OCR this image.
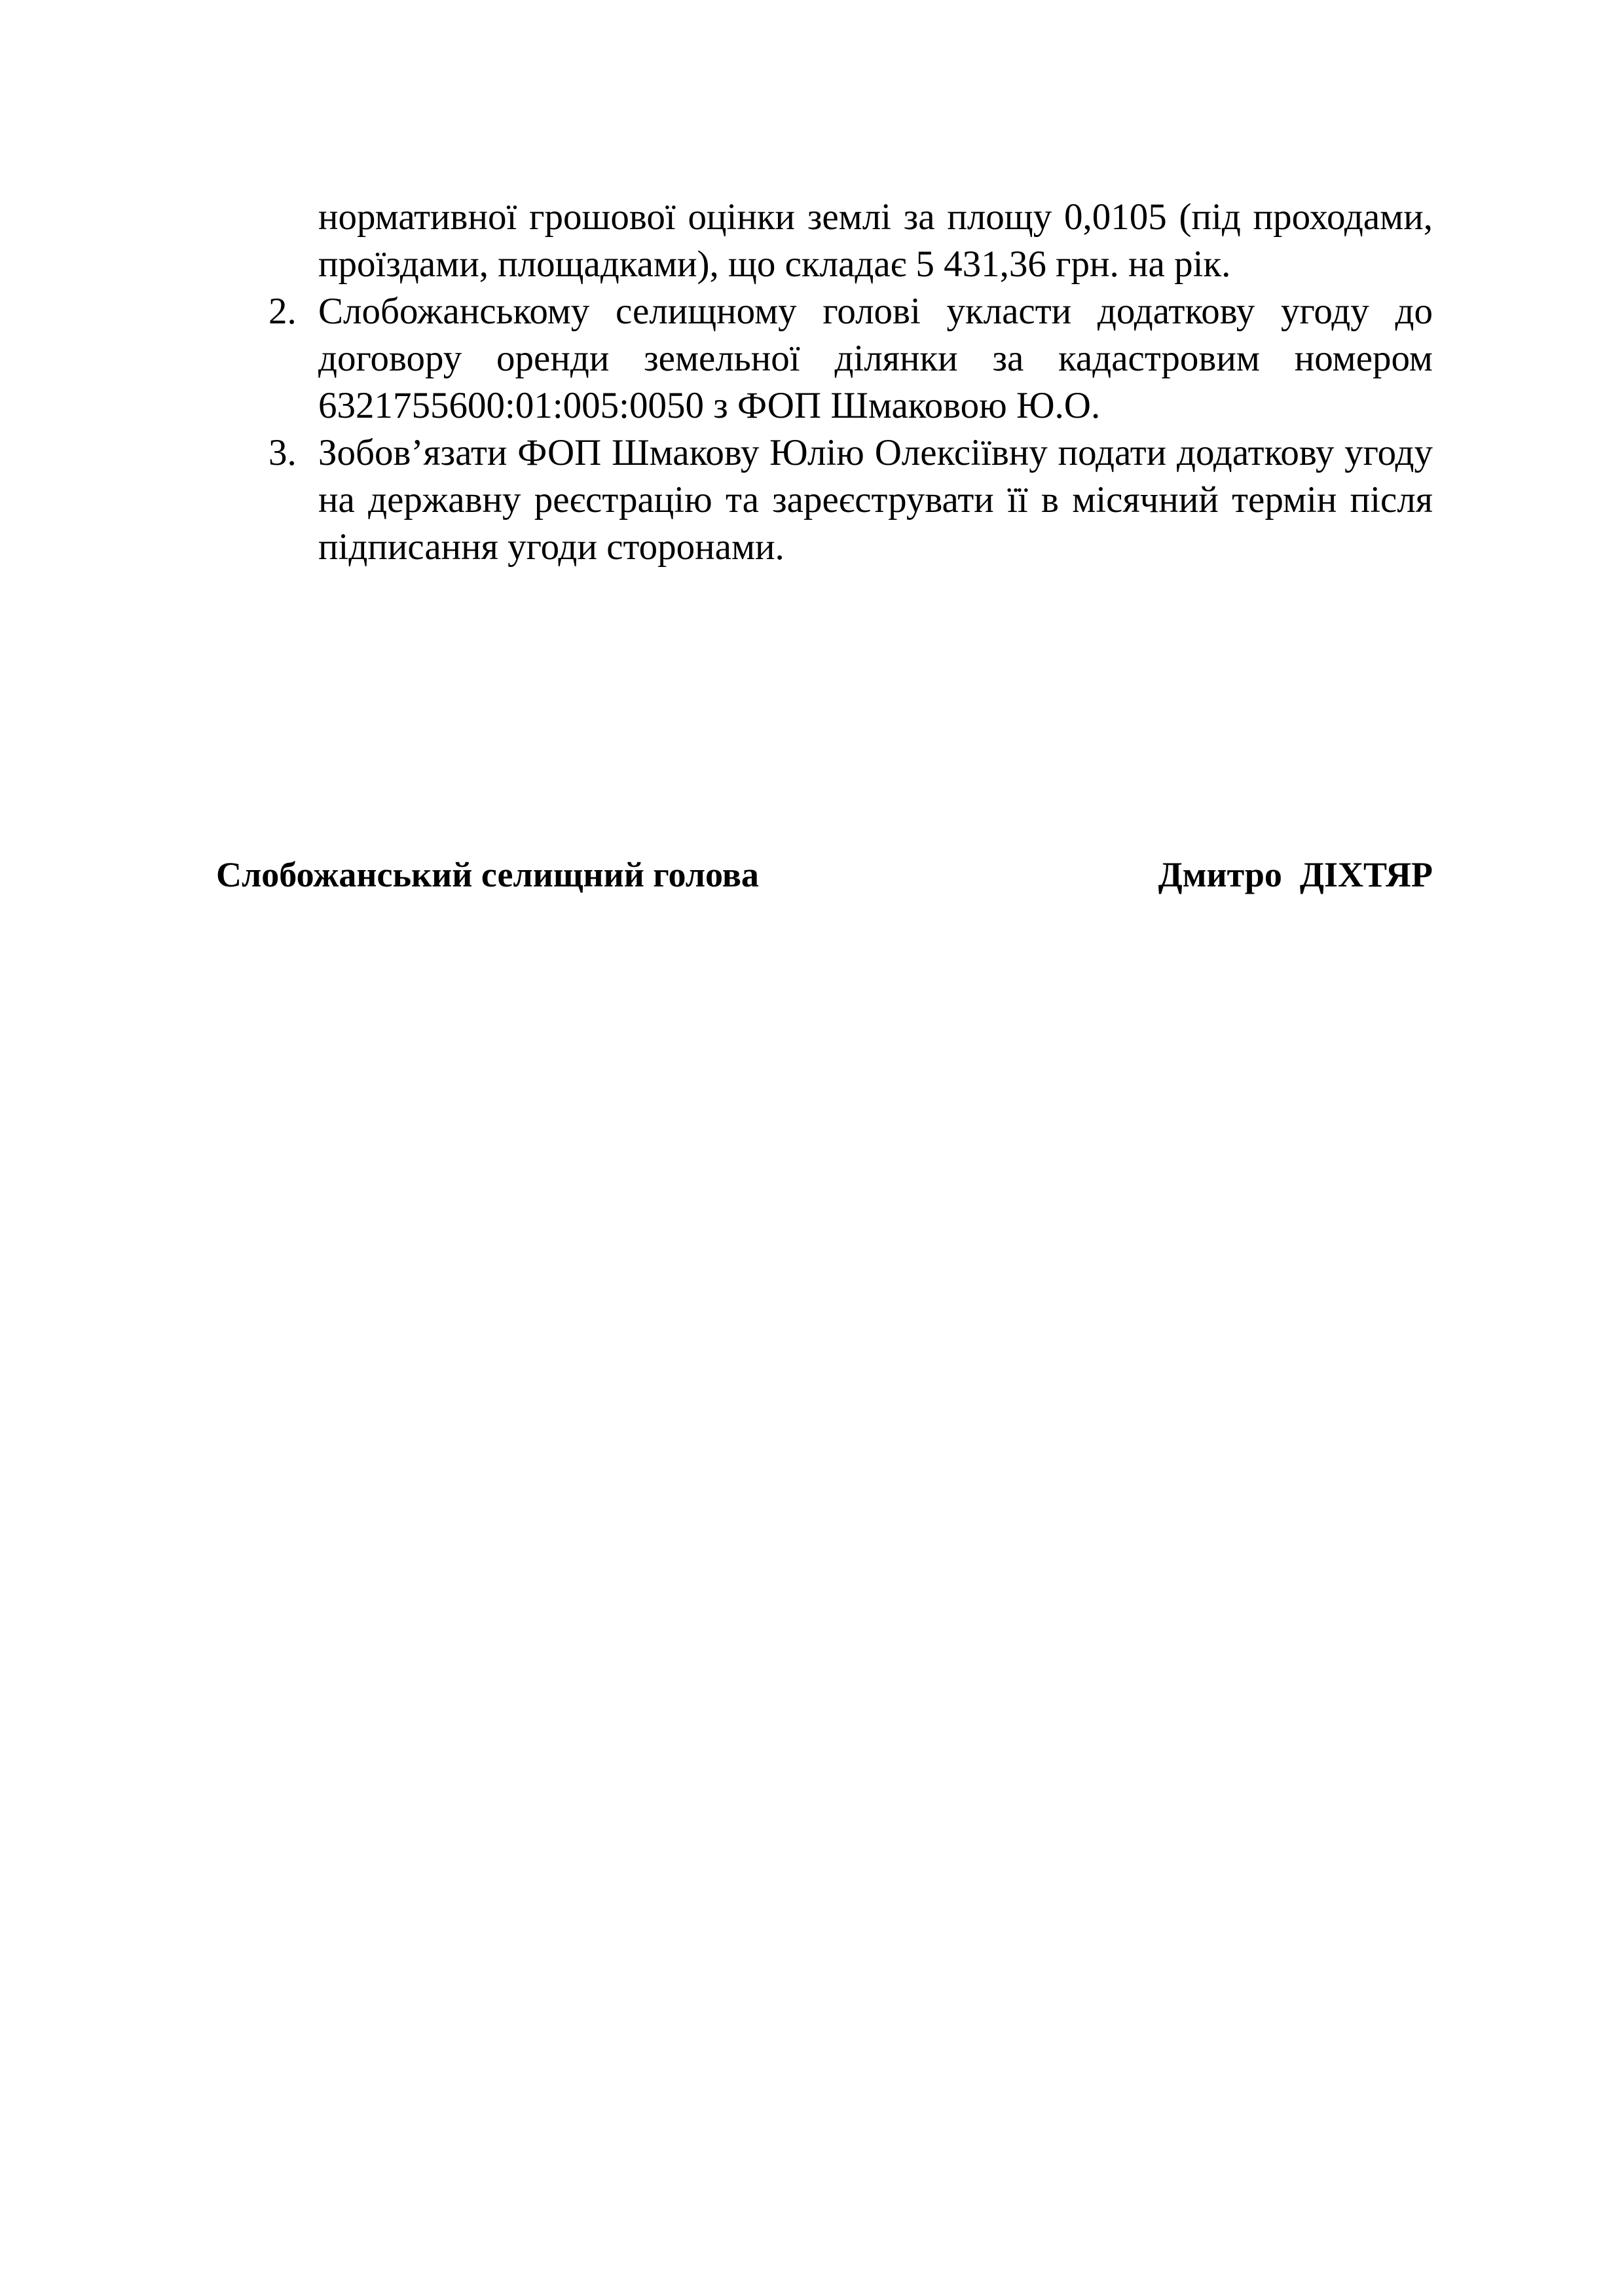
нормативної грошової оцінки землі за площу 0,0105 (під проходами, проїздами, площадками), що складає 5 431,36 грн. на рік.

2. Слобожанському селищному голові укласти додаткову угоду до договору оренди земельної ділянки за кадастровим номером 6321755600:01:005:0050 з ФОП Шмаковою Ю.О.
3. Зобов’язати ФОП Шмакову Юлію Олексіївну подати додаткову угоду на державну реєстрацію та зареєструвати її в місячний термін після підписання угоди сторонами.
Слобожанський селищний голова	Дмитро  ДІХТЯР
